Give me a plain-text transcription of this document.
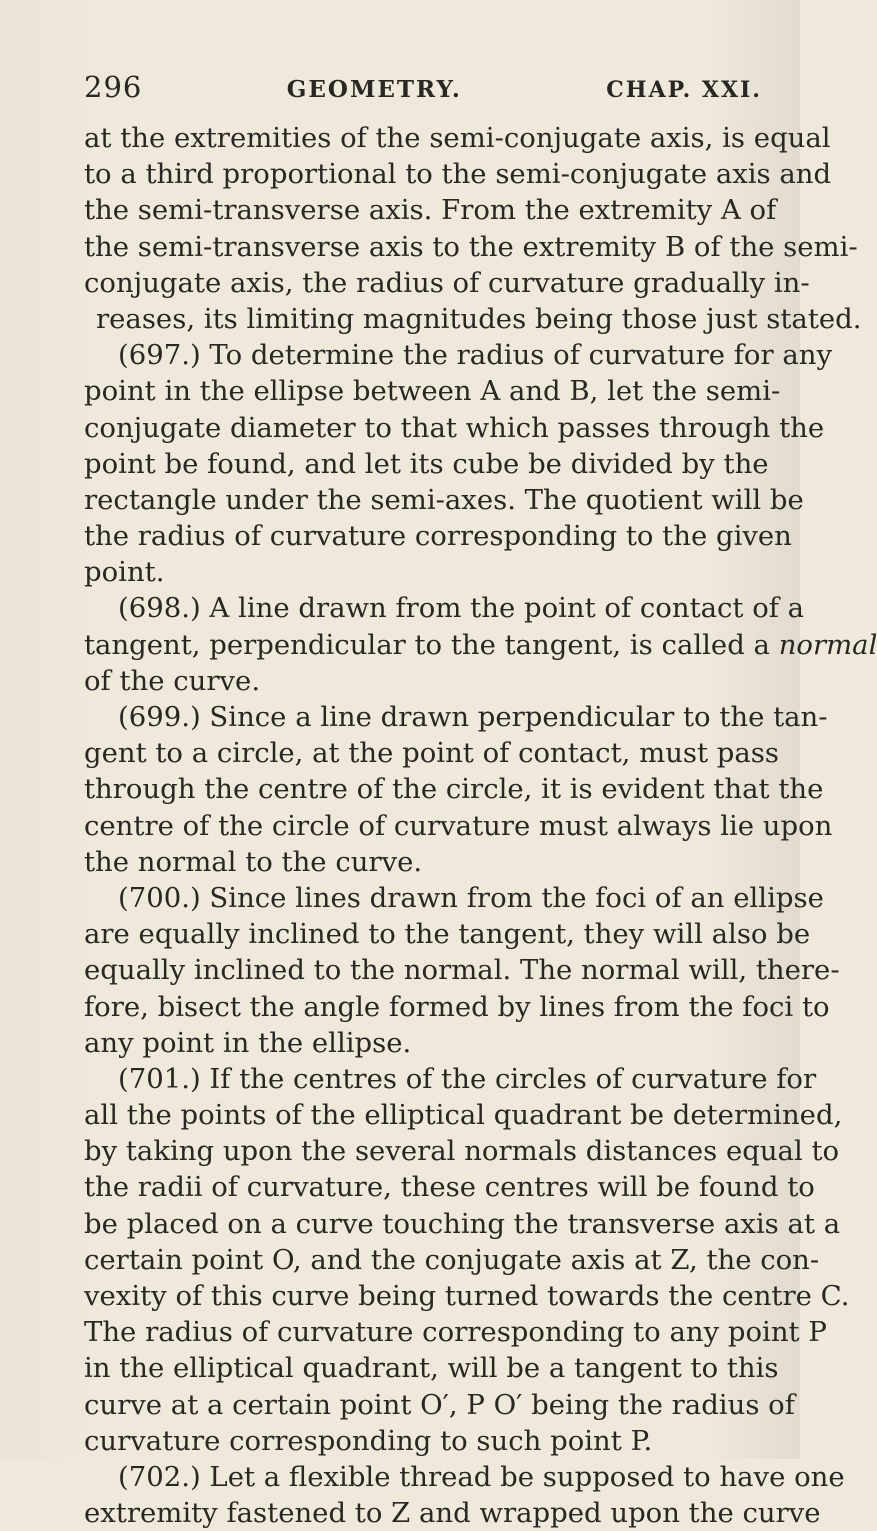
296	GEOMETRY.	CHAP. XXI.
at the extremities of the semi-conjugate axis, is equal
to a third proportional to the semi-conjugate axis and
the semi-transverse axis. From the extremity A of
the semi-transverse axis to the extremity B of the semi-
conjugate axis, the radius of curvature gradually in-
reases, its limiting magnitudes being those just stated.
(697.) To determine the radius of curvature for any
point in the ellipse between A and B, let the semi-
conjugate diameter to that which passes through the
point be found, and let its cube be divided by the
rectangle under the semi-axes. The quotient will be
the radius of curvature corresponding to the given
point.
(698.) A line drawn from the point of contact of a
tangent, perpendicular to the tangent, is called a normal
of the curve.
(699.) Since a line drawn perpendicular to the tan-
gent to a circle, at the point of contact, must pass
through the centre of the circle, it is evident that the
centre of the circle of curvature must always lie upon
the normal to the curve.
(700.) Since lines drawn from the foci of an ellipse
are equally inclined to the tangent, they will also be
equally inclined to the normal. The normal will, there-
fore, bisect the angle formed by lines from the foci to
any point in the ellipse.
(701.) If the centres of the circles of curvature for
all the points of the elliptical quadrant be determined,
by taking upon the several normals distances equal to
the radii of curvature, these centres will be found to
be placed on a curve touching the transverse axis at a
certain point O, and the conjugate axis at Z, the con-
vexity of this curve being turned towards the centre C.
The radius of curvature corresponding to any point P
in the elliptical quadrant, will be a tangent to this
curve at a certain point O′, P O′ being the radius of
curvature corresponding to such point P.
(702.) Let a flexible thread be supposed to have one
extremity fastened to Z and wrapped upon the curve
